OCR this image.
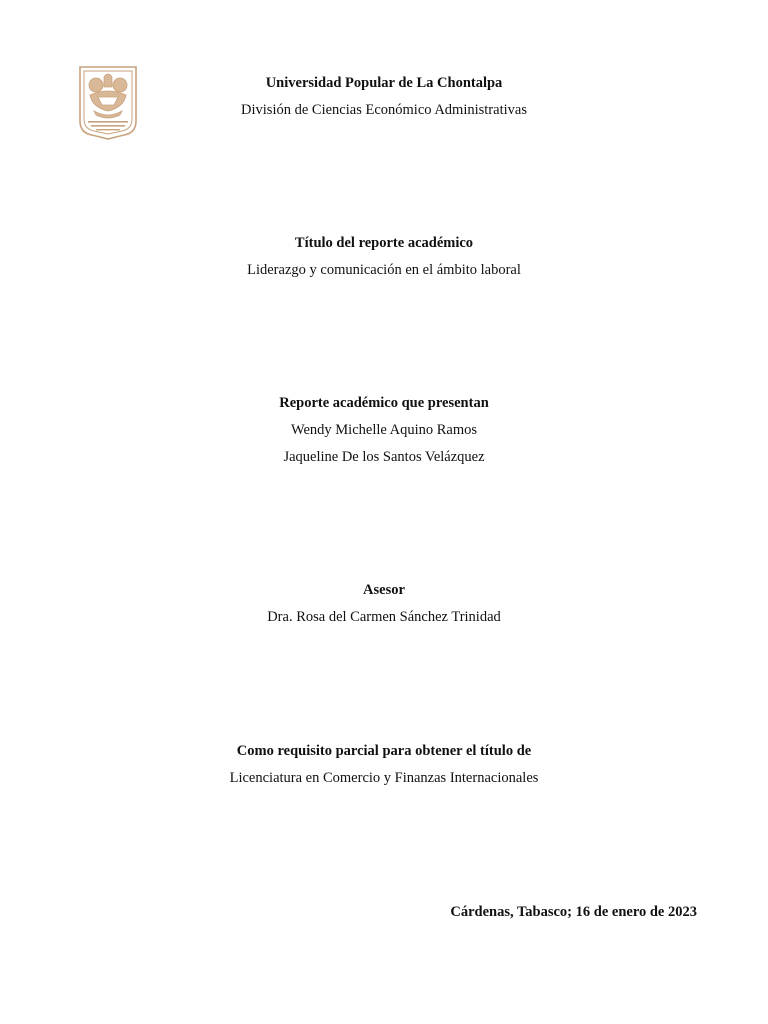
Universidad Popular de La Chontalpa
División de Ciencias Económico Administrativas
Título del reporte académico
Liderazgo y comunicación en el ámbito laboral
Reporte académico que presentan
Wendy Michelle Aquino Ramos
Jaqueline De los Santos Velázquez
Asesor
Dra. Rosa del Carmen Sánchez Trinidad
Como requisito parcial para obtener el título de
Licenciatura en Comercio y Finanzas Internacionales
Cárdenas, Tabasco; 16 de enero de 2023
